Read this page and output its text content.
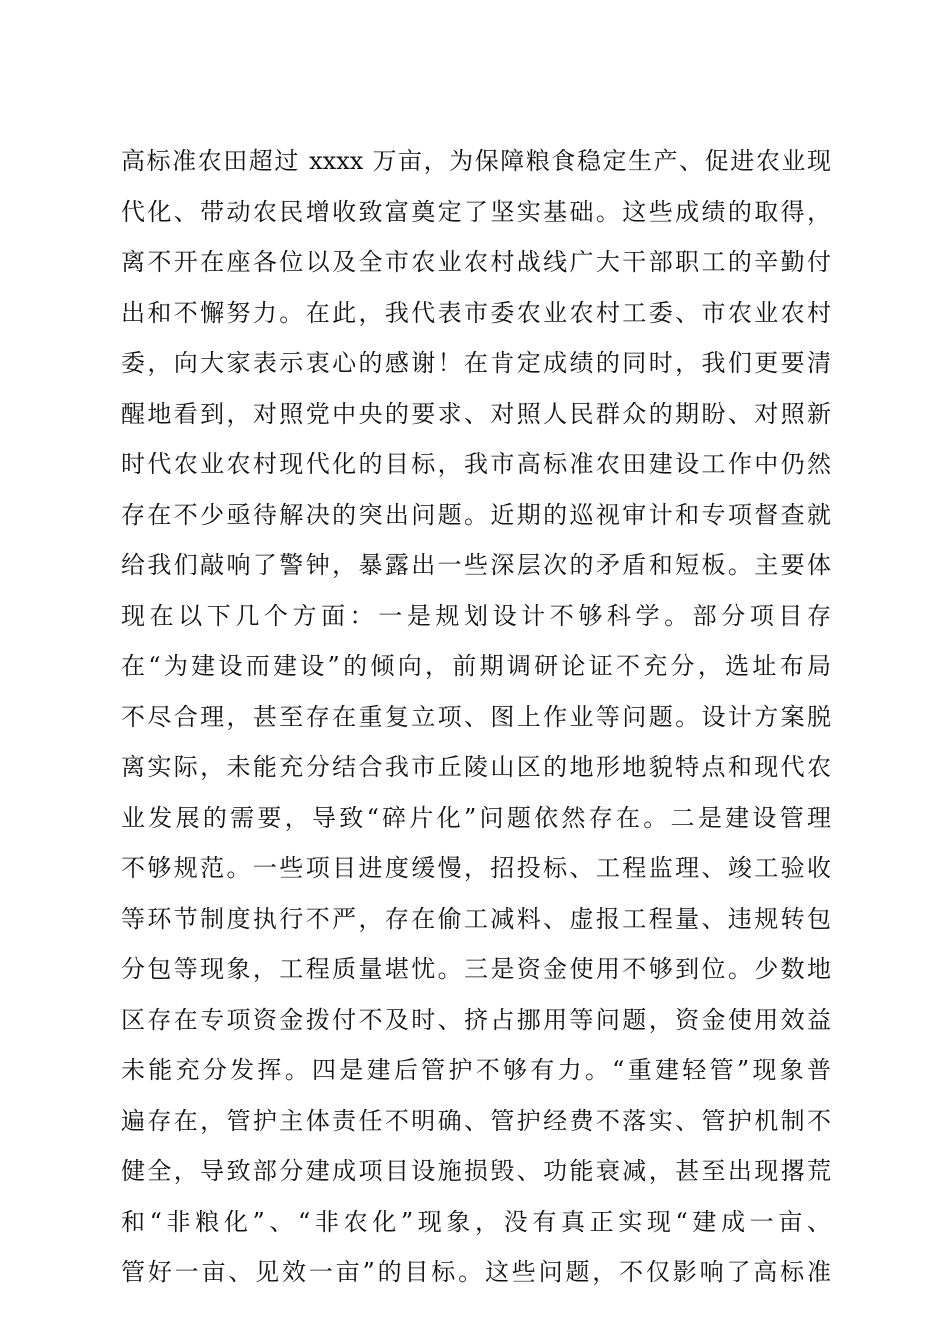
高标准农田超过 xxxx 万亩，为保障粮食稳定生产、促进农业现
代化、带动农民增收致富奠定了坚实基础。这些成绩的取得，
离不开在座各位以及全市农业农村战线广大干部职工的辛勤付
出和不懈努力。在此，我代表市委农业农村工委、市农业农村
委，向大家表示衷心的感谢！在肯定成绩的同时，我们更要清
醒地看到，对照党中央的要求、对照人民群众的期盼、对照新
时代农业农村现代化的目标，我市高标准农田建设工作中仍然
存在不少亟待解决的突出问题。近期的巡视审计和专项督查就
给我们敲响了警钟，暴露出一些深层次的矛盾和短板。主要体
现在以下几个方面：一是规划设计不够科学。部分项目存
在“为建设而建设”的倾向，前期调研论证不充分，选址布局
不尽合理，甚至存在重复立项、图上作业等问题。设计方案脱
离实际，未能充分结合我市丘陵山区的地形地貌特点和现代农
业发展的需要，导致“碎片化”问题依然存在。二是建设管理
不够规范。一些项目进度缓慢，招投标、工程监理、竣工验收
等环节制度执行不严，存在偷工减料、虚报工程量、违规转包
分包等现象，工程质量堪忧。三是资金使用不够到位。少数地
区存在专项资金拨付不及时、挤占挪用等问题，资金使用效益
未能充分发挥。四是建后管护不够有力。“重建轻管”现象普
遍存在，管护主体责任不明确、管护经费不落实、管护机制不
健全，导致部分建成项目设施损毁、功能衰减，甚至出现撂荒
和“非粮化”、“非农化”现象，没有真正实现“建成一亩、
管好一亩、见效一亩”的目标。这些问题，不仅影响了高标准
